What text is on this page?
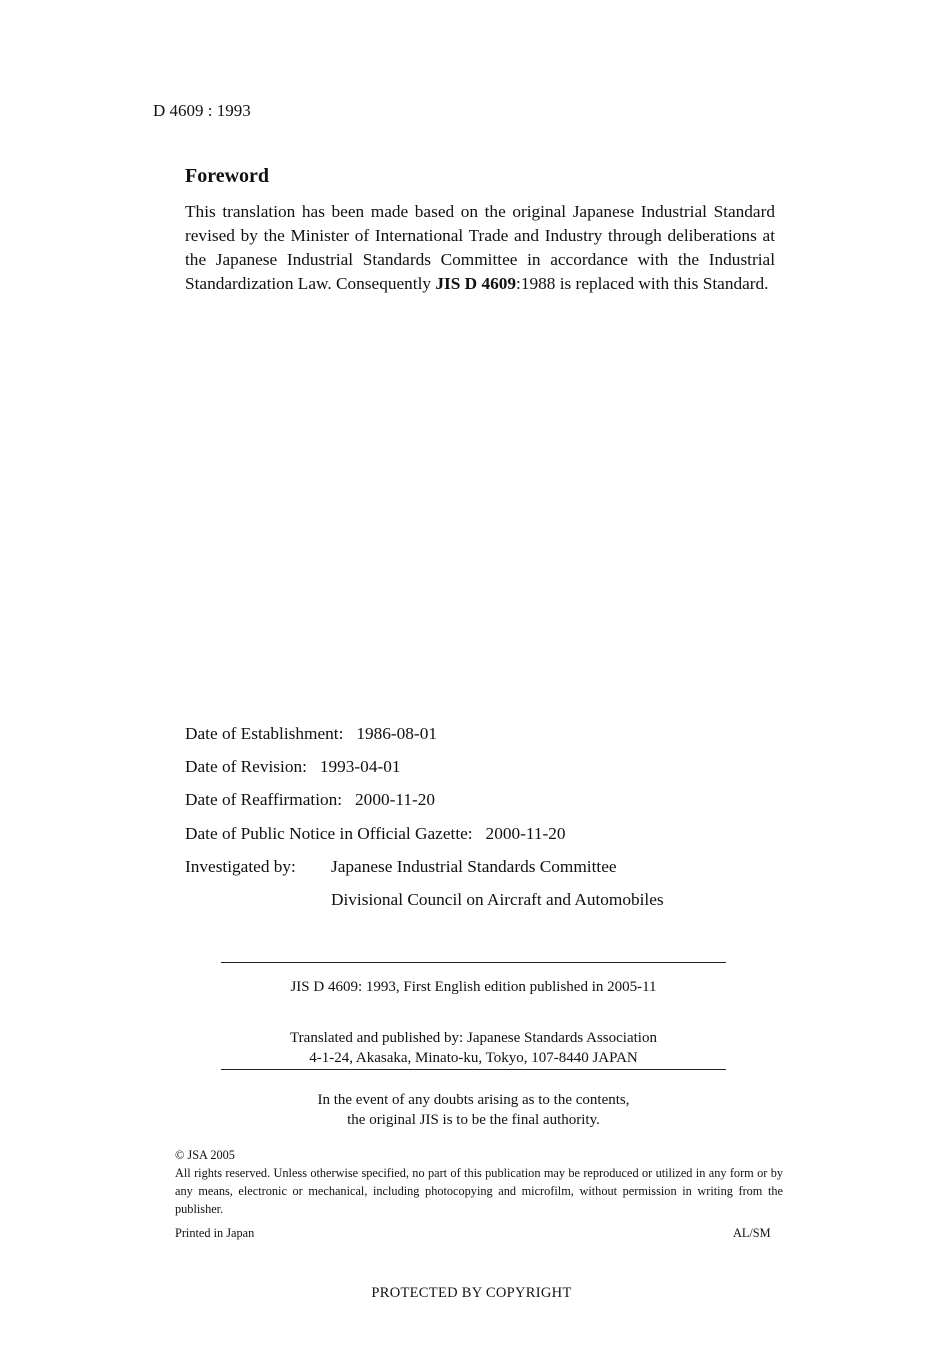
D 4609 : 1993
Foreword
This translation has been made based on the original Japanese Industrial Standard revised by the Minister of International Trade and Industry through deliberations at the Japanese Industrial Standards Committee in accordance with the Industrial Standardization Law. Consequently JIS D 4609:1988 is replaced with this Standard.
Date of Establishment:   1986-08-01
Date of Revision:   1993-04-01
Date of Reaffirmation:   2000-11-20
Date of Public Notice in Official Gazette:   2000-11-20
Investigated by: Japanese Industrial Standards Committee
Divisional Council on Aircraft and Automobiles
JIS D 4609: 1993, First English edition published in 2005-11
Translated and published by: Japanese Standards Association
4-1-24, Akasaka, Minato-ku, Tokyo, 107-8440 JAPAN
In the event of any doubts arising as to the contents,
the original JIS is to be the final authority.
© JSA 2005
All rights reserved. Unless otherwise specified, no part of this publication may be reproduced or utilized in any form or by any means, electronic or mechanical, including photocopying and microfilm, without permission in writing from the publisher.
Printed in Japan	AL/SM
PROTECTED BY COPYRIGHT
